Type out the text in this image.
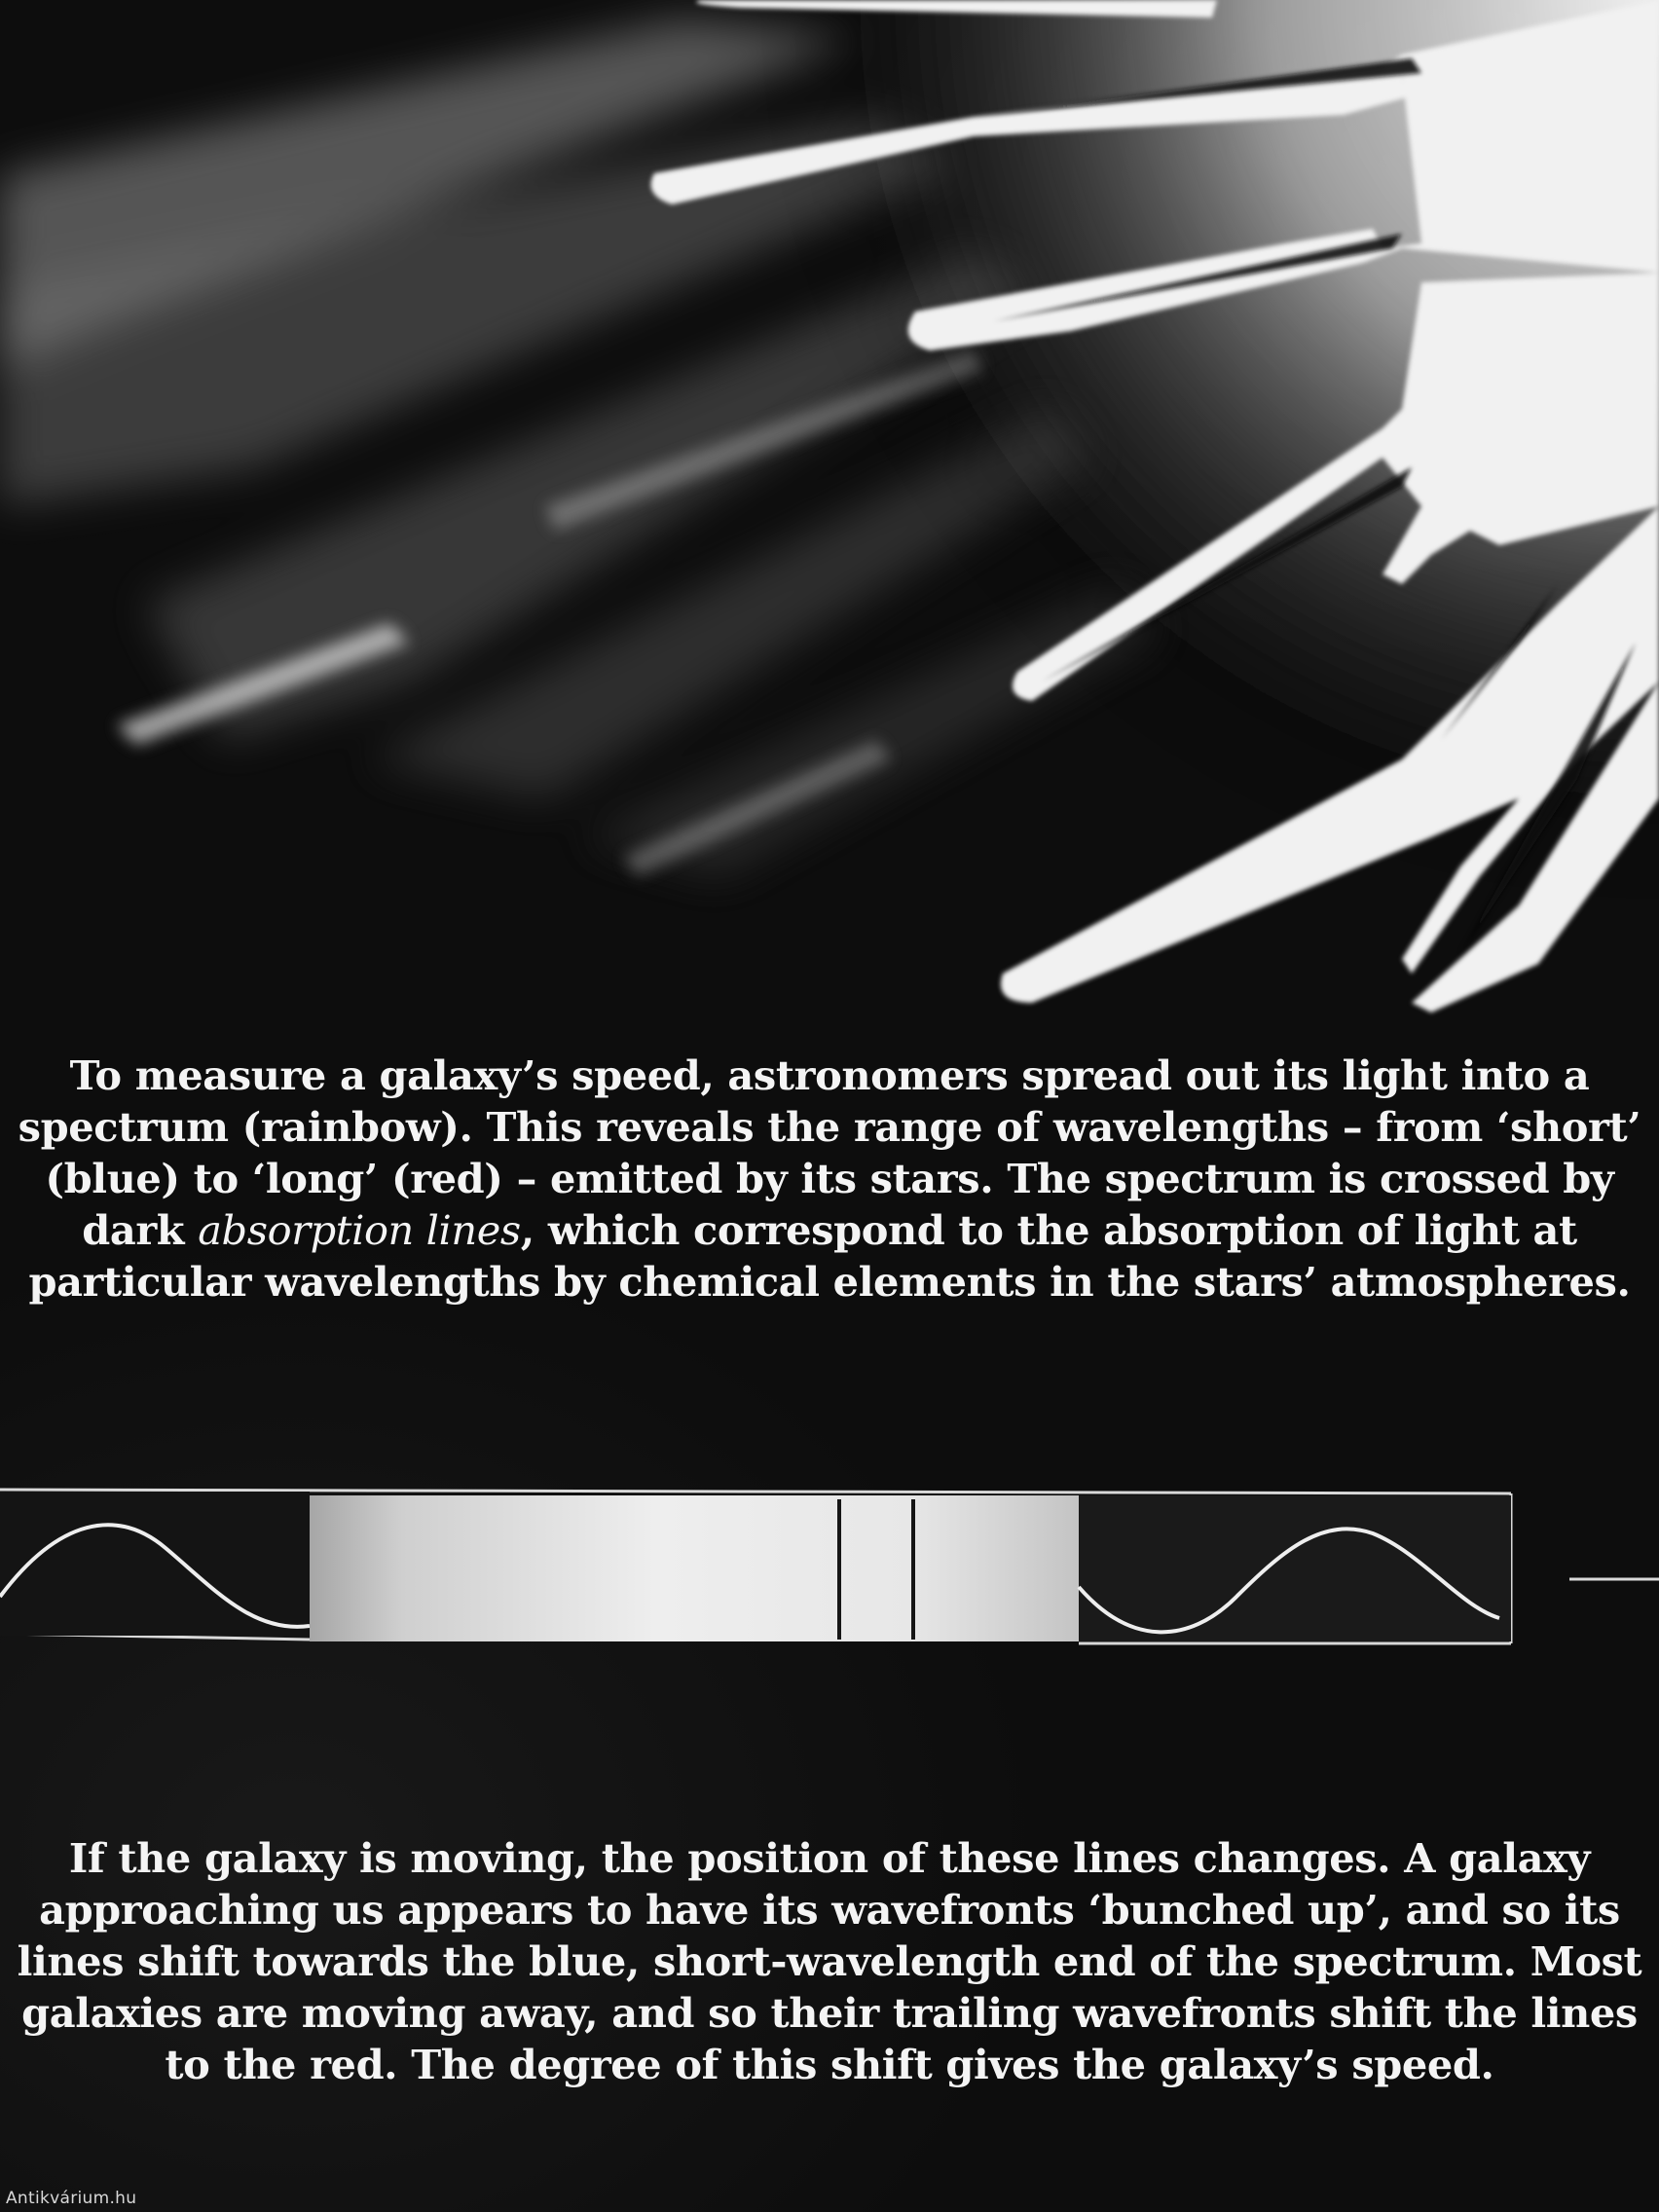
To measure a galaxy’s speed, astronomers spread out its light into a
spectrum (rainbow). This reveals the range of wavelengths – from ‘short’
(blue) to ‘long’ (red) – emitted by its stars. The spectrum is crossed by
dark absorption lines, which correspond to the absorption of light at
particular wavelengths by chemical elements in the stars’ atmospheres.
If the galaxy is moving, the position of these lines changes. A galaxy
approaching us appears to have its wavefronts ‘bunched up’, and so its
lines shift towards the blue, short-wavelength end of the spectrum. Most
galaxies are moving away, and so their trailing wavefronts shift the lines
to the red. The degree of this shift gives the galaxy’s speed.
Antikvárium.hu
